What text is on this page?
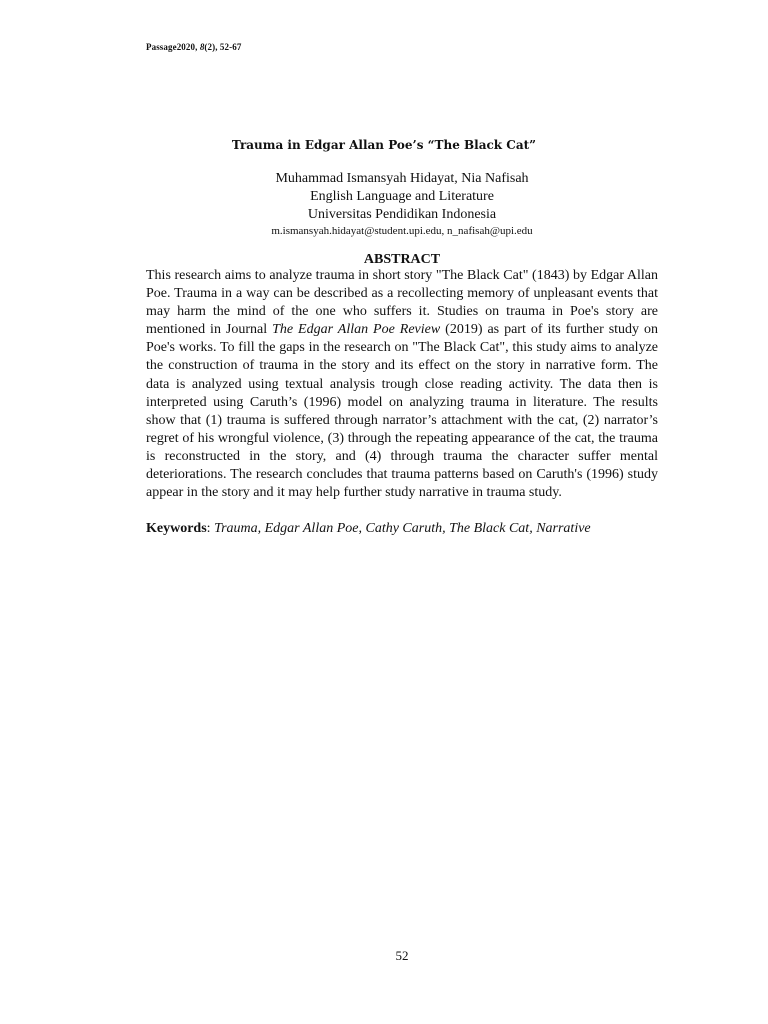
Passage2020, 8(2), 52-67
Trauma in Edgar Allan Poe’s “The Black Cat”
Muhammad Ismansyah Hidayat, Nia Nafisah
English Language and Literature
Universitas Pendidikan Indonesia
m.ismansyah.hidayat@student.upi.edu, n_nafisah@upi.edu
ABSTRACT
This research aims to analyze trauma in short story "The Black Cat" (1843) by Edgar Allan Poe. Trauma in a way can be described as a recollecting memory of unpleasant events that may harm the mind of the one who suffers it. Studies on trauma in Poe's story are mentioned in Journal The Edgar Allan Poe Review (2019) as part of its further study on Poe's works. To fill the gaps in the research on "The Black Cat", this study aims to analyze the construction of trauma in the story and its effect on the story in narrative form. The data is analyzed using textual analysis trough close reading activity. The data then is interpreted using Caruth’s (1996) model on analyzing trauma in literature. The results show that (1) trauma is suffered through narrator’s attachment with the cat, (2) narrator’s regret of his wrongful violence, (3) through the repeating appearance of the cat, the trauma is reconstructed in the story, and (4) through trauma the character suffer mental deteriorations. The research concludes that trauma patterns based on Caruth's (1996) study appear in the story and it may help further study narrative in trauma study.
Keywords: Trauma, Edgar Allan Poe, Cathy Caruth, The Black Cat, Narrative
52
